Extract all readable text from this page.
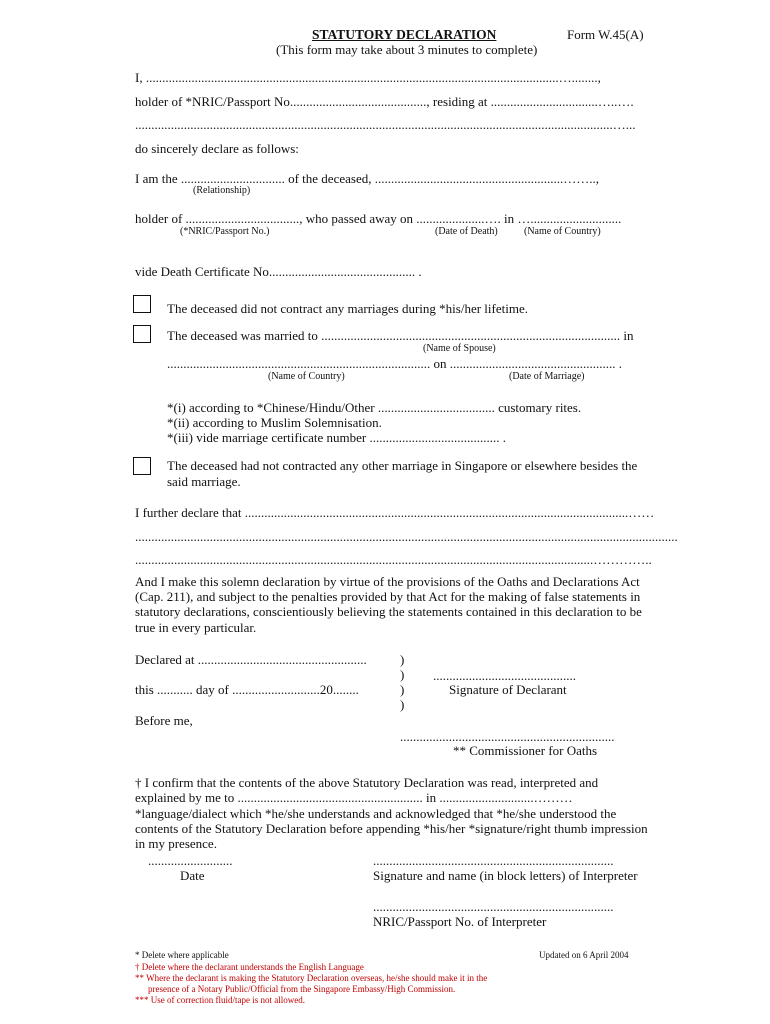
STATUTORY DECLARATION	Form W.45(A)
(This form may take about 3 minutes to complete)
I, ...............................................................................................................................…........,
holder of *NRIC/Passport No.........................................., residing at .................................…..….
...................................................................................................................................................…...
do sincerely declare as follows:
I am the ................................ of the deceased, ..........................................................……..,
(Relationship)
holder of ..................................., who passed away on .....................…. in …............................
(*NRIC/Passport No.)	(Date of Death)	(Name of Country)
vide Death Certificate No............................................. .
The deceased did not contract any marriages during *his/her lifetime.
The deceased was married to ............................................................................................ in
(Name of Spouse)
................................................................................. on ................................................... .
(Name of Country)	(Date of Marriage)
*(i) according to *Chinese/Hindu/Other .................................... customary rites.
*(ii) according to Muslim Solemnisation.
*(iii) vide marriage certificate number ........................................ .
The deceased had not contracted any other marriage in Singapore or elsewhere besides the
said marriage.
I further declare that ......................................................................................................................……
.......................................................................................................................................................................
.............................................................................................................................................…………..
And I make this solemn declaration by virtue of the provisions of the Oaths and Declarations Act
(Cap. 211), and subject to the penalties provided by that Act for the making of false statements in
statutory declarations, conscientiously believing the statements contained in this declaration to be
true in every particular.
Declared at ....................................................
this ........... day of ...........................20........
Before me,
)
)
)
)
............................................
Signature of Declarant
..................................................................
** Commissioner for Oaths
† I confirm that the contents of the above Statutory Declaration was read, interpreted and
explained by me to ......................................................... in .............................………
*language/dialect which *he/she understands and acknowledged that *he/she understood the
contents of the Statutory Declaration before appending *his/her *signature/right thumb impression
in my presence.
..........................
Date
..........................................................................
Signature and name (in block letters) of Interpreter
..........................................................................
NRIC/Passport No. of Interpreter
* Delete where applicable	Updated on 6 April 2004
† Delete where the declarant understands the English Language
** Where the declarant is making the Statutory Declaration overseas, he/she should make it in the
presence of a Notary Public/Official from the Singapore Embassy/High Commission.
*** Use of correction fluid/tape is not allowed.
